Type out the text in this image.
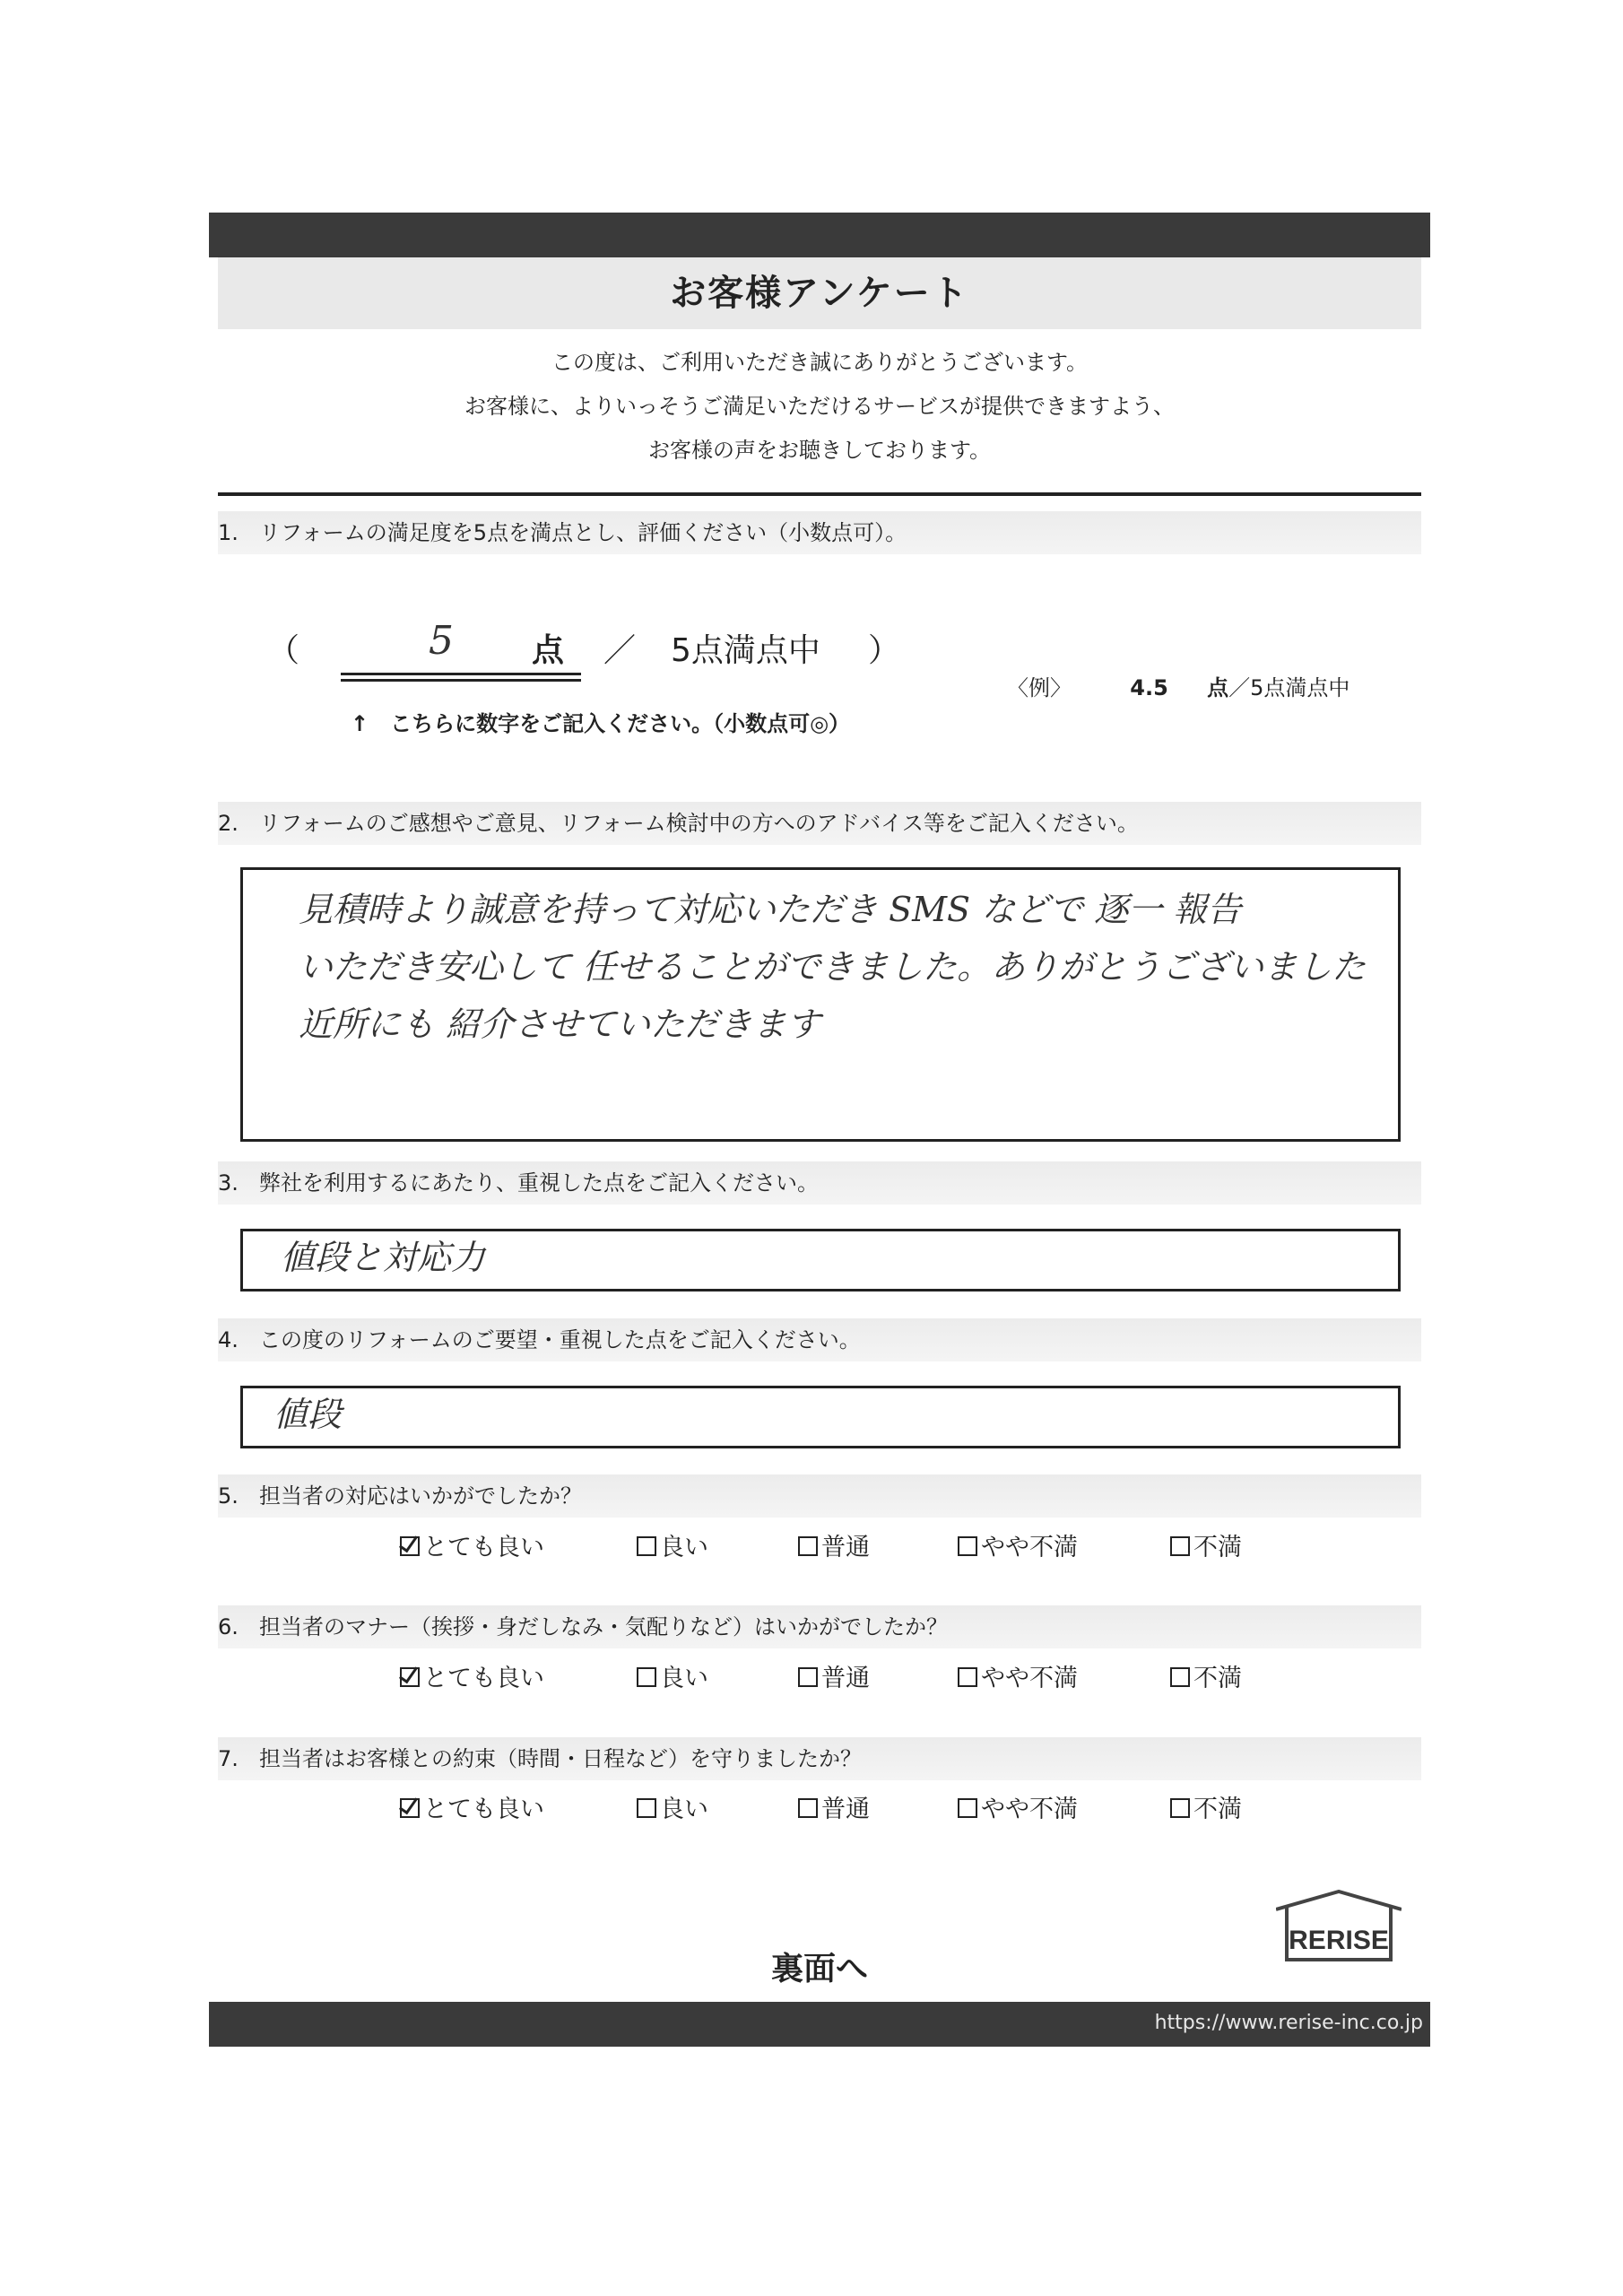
お客様アンケート
この度は、ご利用いただき誠にありがとうございます。
お客様に、よりいっそうご満足いただけるサービスが提供できますよう、
お客様の声をお聴きしております。
1. リフォームの満足度を5点を満点とし、評価ください（小数点可）。
（	5 点 ／ 5点満点中 ）
↑　こちらに数字をご記入ください。（小数点可◎）
〈例〉	4.5 点／5点満点中
2. リフォームのご感想やご意見、リフォーム検討中の方へのアドバイス等をご記入ください。
見積時より誠意を持って対応いただき SMS などで 逐一 報告
いただき安心して 任せることができました。ありがとうございました
近所にも 紹介させていただきます
3. 弊社を利用するにあたり、重視した点をご記入ください。
値段と対応力
4. この度のリフォームのご要望・重視した点をご記入ください。
値段
5. 担当者の対応はいかがでしたか？
とても良い	良い	普通	やや不満	不満
6. 担当者のマナー（挨拶・身だしなみ・気配りなど）はいかがでしたか？
とても良い	良い	普通	やや不満	不満
7. 担当者はお客様との約束（時間・日程など）を守りましたか？
とても良い	良い	普通	やや不満	不満
裏面へ
RERISE
https://www.rerise-inc.co.jp
